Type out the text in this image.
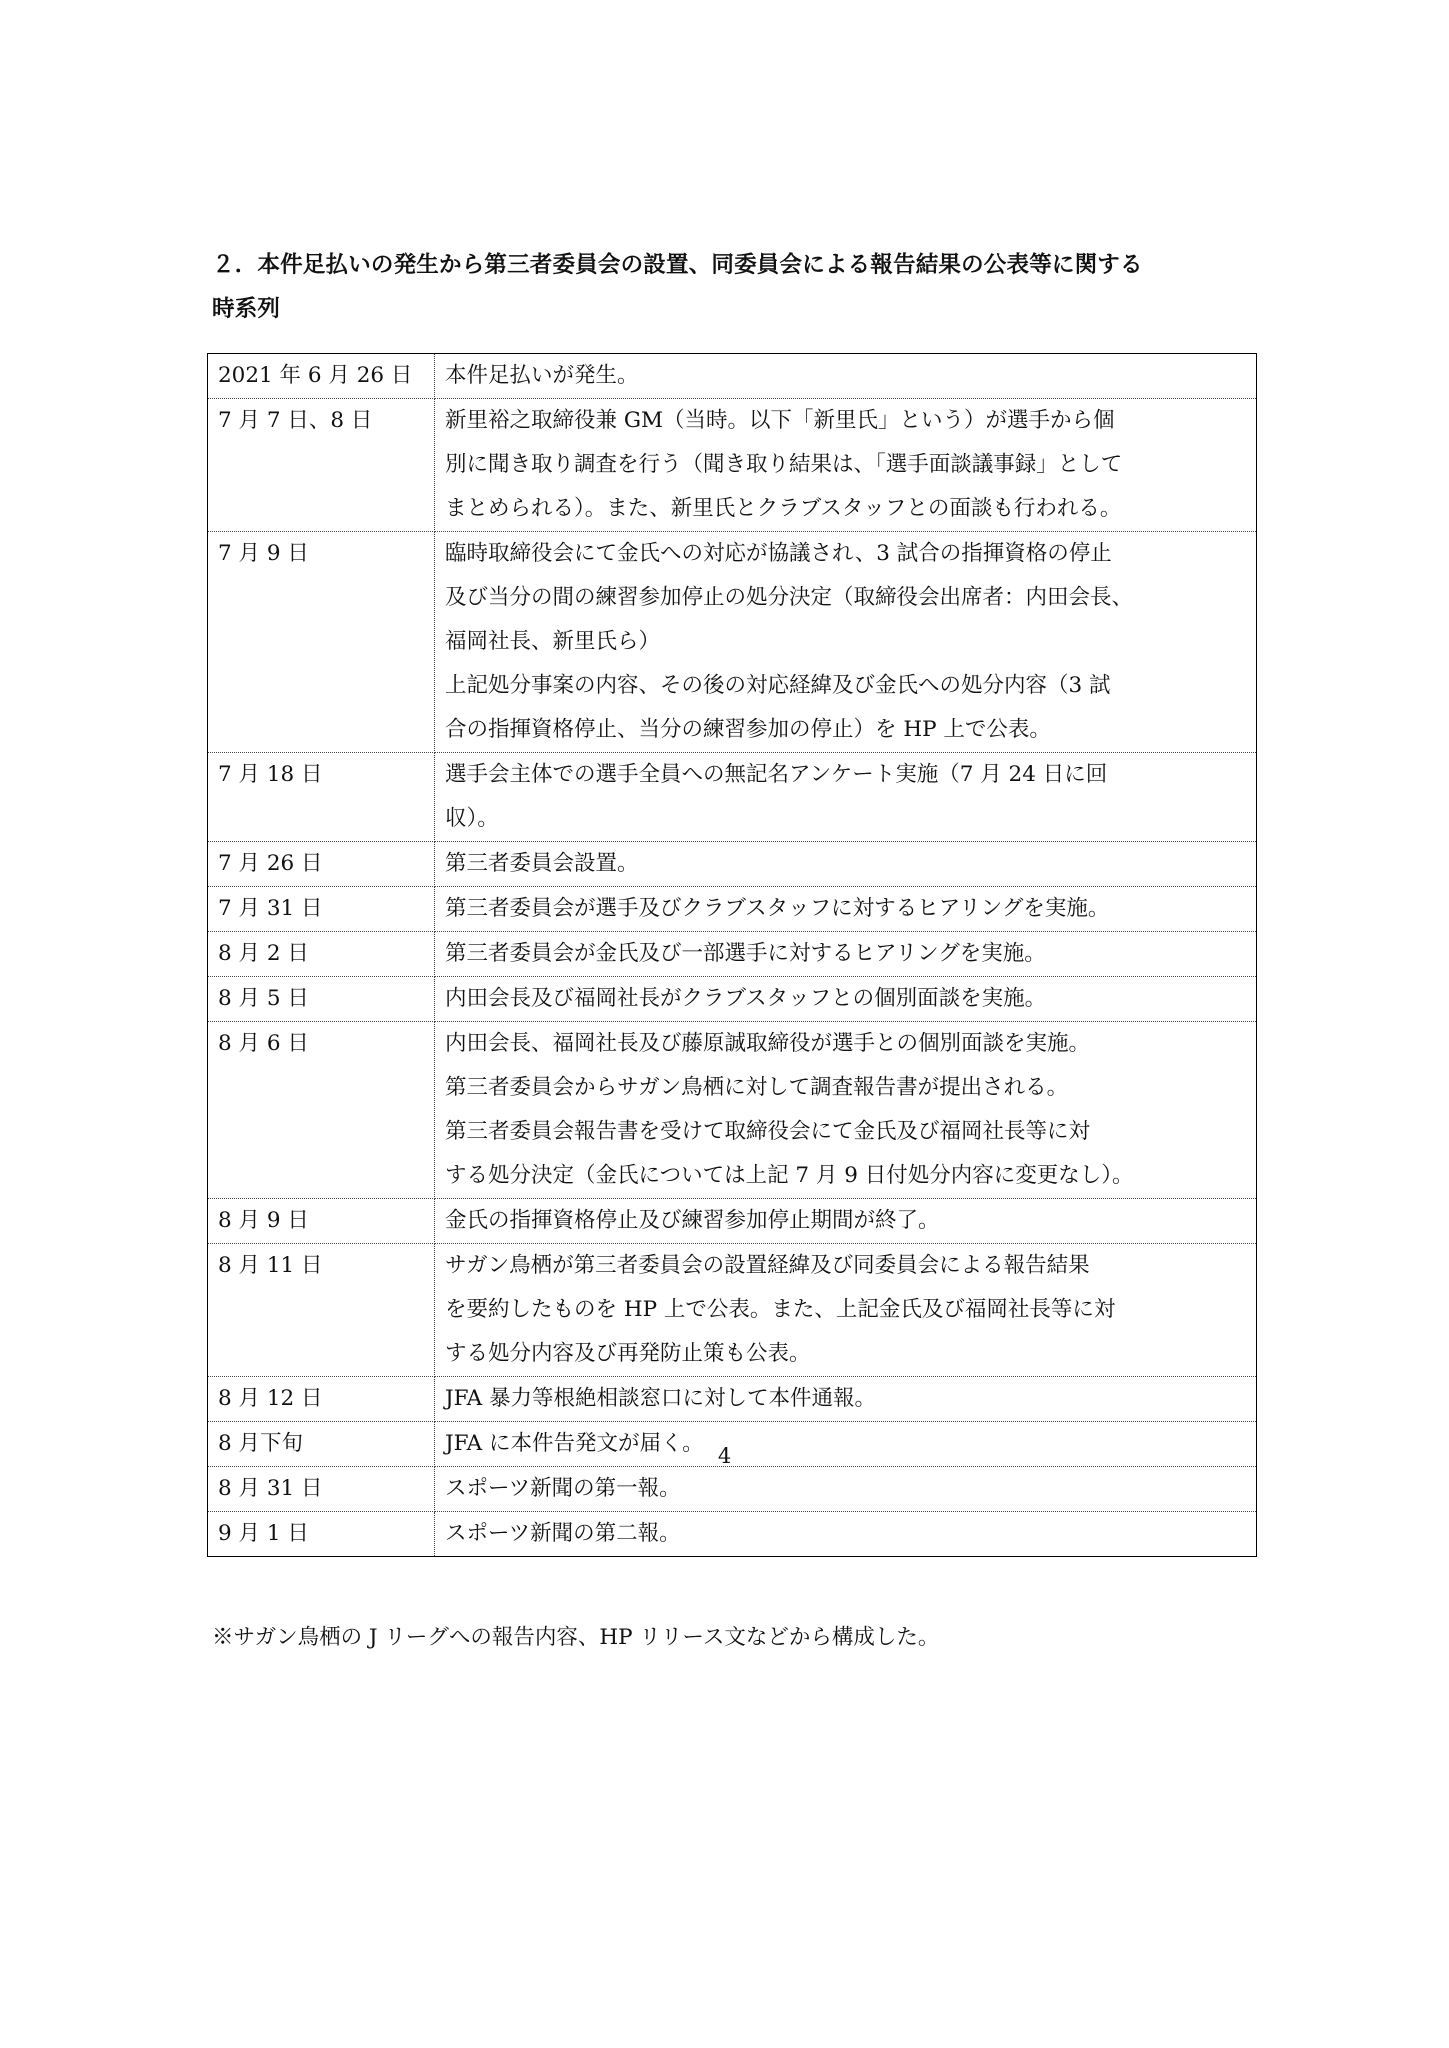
２．本件足払いの発生から第三者委員会の設置、同委員会による報告結果の公表等に関する
時系列
2021 年 6 月 26 日	本件足払いが発生。

7 月 7 日、8 日	新里裕之取締役兼 GM（当時。以下「新里氏」という）が選手から個
別に聞き取り調査を行う（聞き取り結果は、「選手面談議事録」として
まとめられる）。また、新里氏とクラブスタッフとの面談も行われる。

7 月 9 日	臨時取締役会にて金氏への対応が協議され、3 試合の指揮資格の停止
及び当分の間の練習参加停止の処分決定（取締役会出席者：内田会長、
福岡社長、新里氏ら）
上記処分事案の内容、その後の対応経緯及び金氏への処分内容（3 試
合の指揮資格停止、当分の練習参加の停止）を HP 上で公表。

7 月 18 日	選手会主体での選手全員への無記名アンケート実施（7 月 24 日に回
収）。

7 月 26 日	第三者委員会設置。

7 月 31 日	第三者委員会が選手及びクラブスタッフに対するヒアリングを実施。

8 月 2 日	第三者委員会が金氏及び一部選手に対するヒアリングを実施。

8 月 5 日	内田会長及び福岡社長がクラブスタッフとの個別面談を実施。

8 月 6 日	内田会長、福岡社長及び藤原誠取締役が選手との個別面談を実施。
第三者委員会からサガン鳥栖に対して調査報告書が提出される。
第三者委員会報告書を受けて取締役会にて金氏及び福岡社長等に対
する処分決定（金氏については上記 7 月 9 日付処分内容に変更なし）。

8 月 9 日	金氏の指揮資格停止及び練習参加停止期間が終了。

8 月 11 日	サガン鳥栖が第三者委員会の設置経緯及び同委員会による報告結果
を要約したものを HP 上で公表。また、上記金氏及び福岡社長等に対
する処分内容及び再発防止策も公表。

8 月 12 日	JFA 暴力等根絶相談窓口に対して本件通報。

8 月下旬	JFA に本件告発文が届く。

8 月 31 日	スポーツ新聞の第一報。

9 月 1 日	スポーツ新聞の第二報。
※サガン鳥栖の J リーグへの報告内容、HP リリース文などから構成した。
4
